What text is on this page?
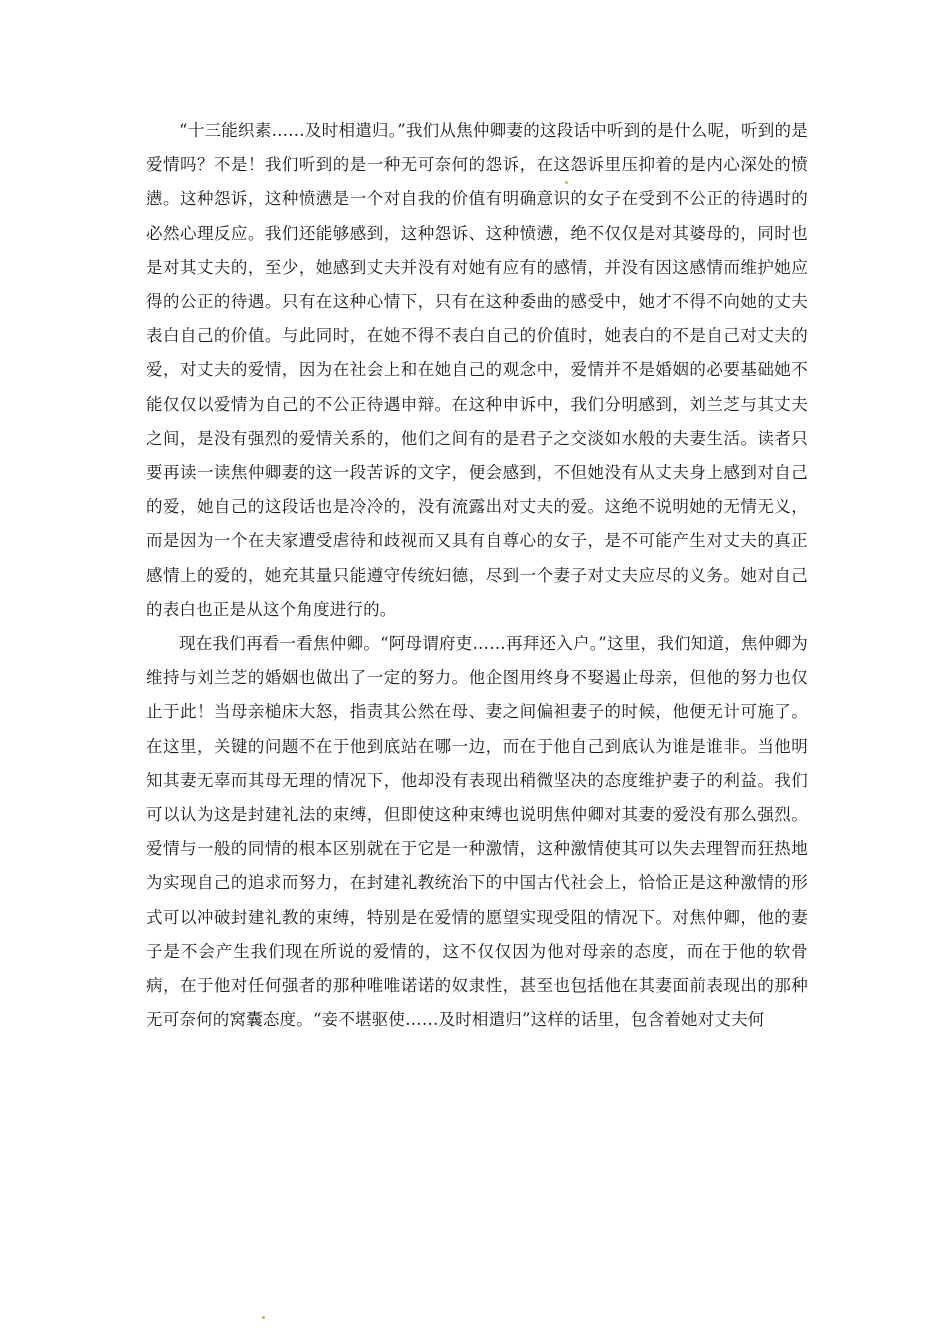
“十三能织素……及时相遣归。”我们从焦仲卿妻的这段话中听到的是什么呢，听到的是爱情吗？不是！我们听到的是一种无可奈何的怨诉，在这怨诉里压抑着的是内心深处的愤懑。这种怨诉，这种愤懑是一个对自我的价值有明确意识的女子在受到不公正的待遇时的必然心理反应。我们还能够感到，这种怨诉、这种愤懑，绝不仅仅是对其婆母的，同时也是对其丈夫的，至少，她感到丈夫并没有对她有应有的感情，并没有因这感情而维护她应得的公正的待遇。只有在这种心情下，只有在这种委曲的感受中，她才不得不向她的丈夫表白自己的价值。与此同时，在她不得不表白自己的价值时，她表白的不是自己对丈夫的爱，对丈夫的爱情，因为在社会上和在她自己的观念中，爱情并不是婚姻的必要基础她不能仅仅以爱情为自己的不公正待遇申辩。在这种申诉中，我们分明感到，刘兰芝与其丈夫之间，是没有强烈的爱情关系的，他们之间有的是君子之交淡如水般的夫妻生活。读者只要再读一读焦仲卿妻的这一段苦诉的文字，便会感到，不但她没有从丈夫身上感到对自己的爱，她自己的这段话也是冷冷的，没有流露出对丈夫的爱。这绝不说明她的无情无义，而是因为一个在夫家遭受虐待和歧视而又具有自尊心的女子，是不可能产生对丈夫的真正感情上的爱的，她充其量只能遵守传统妇德，尽到一个妻子对丈夫应尽的义务。她对自己的表白也正是从这个角度进行的。

现在我们再看一看焦仲卿。“阿母谓府吏……再拜还入户。”这里，我们知道，焦仲卿为维持与刘兰芝的婚姻也做出了一定的努力。他企图用终身不娶遏止母亲，但他的努力也仅止于此！当母亲槌床大怒，指责其公然在母、妻之间偏袒妻子的时候，他便无计可施了。在这里，关键的问题不在于他到底站在哪一边，而在于他自己到底认为谁是谁非。当他明知其妻无辜而其母无理的情况下，他却没有表现出稍微坚决的态度维护妻子的利益。我们可以认为这是封建礼法的束缚，但即使这种束缚也说明焦仲卿对其妻的爱没有那么强烈。爱情与一般的同情的根本区别就在于它是一种激情，这种激情使其可以失去理智而狂热地为实现自己的追求而努力，在封建礼教统治下的中国古代社会上，恰恰正是这种激情的形式可以冲破封建礼教的束缚，特别是在爱情的愿望实现受阻的情况下。对焦仲卿，他的妻子是不会产生我们现在所说的爱情的，这不仅仅因为他对母亲的态度，而在于他的软骨病，在于他对任何强者的那种唯唯诺诺的奴隶性，甚至也包括他在其妻面前表现出的那种无可奈何的窝囊态度。“妾不堪驱使……及时相遣归”这样的话里，包含着她对丈夫何
